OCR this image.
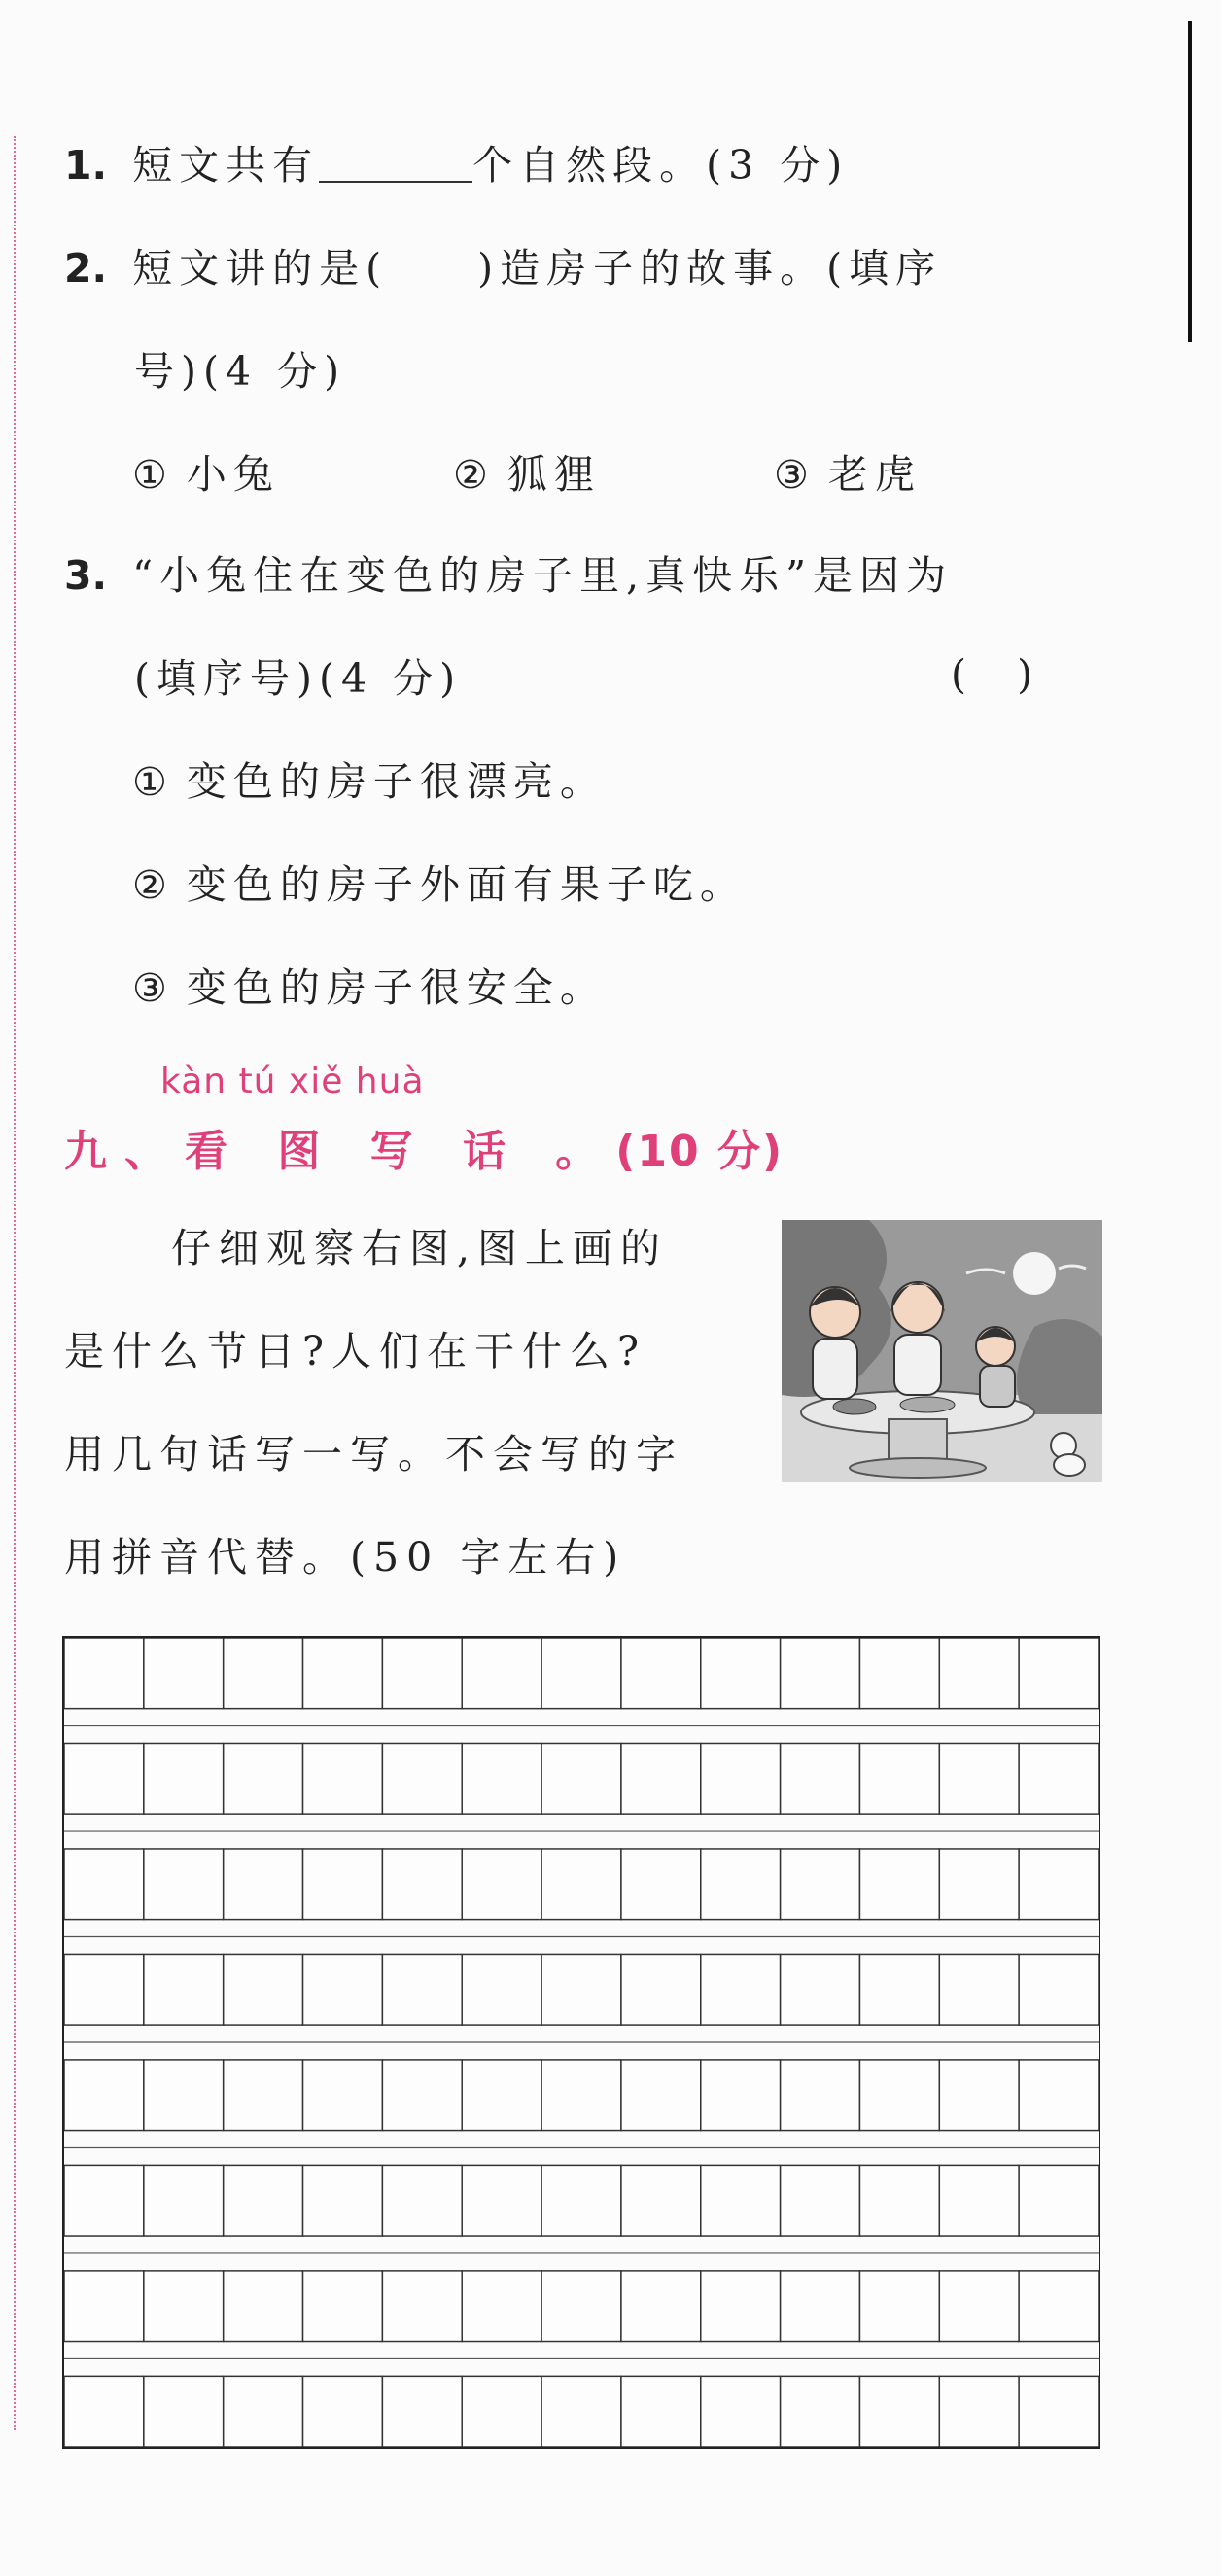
1. 短文共有	个自然段。(3 分)
2. 短文讲的是( )造房子的故事。(填序
号)(4 分)
① 小兔	② 狐狸	③ 老虎
3. “小兔住在变色的房子里,真快乐”是因为
(填序号)(4 分)	(    )
① 变色的房子很漂亮。
② 变色的房子外面有果子吃。
③ 变色的房子很安全。
kàn tú xiě huà
九、看 图 写 话 。(10 分)
仔细观察右图,图上画的
是什么节日?人们在干什么?
用几句话写一写。不会写的字
用拼音代替。(50 字左右)
